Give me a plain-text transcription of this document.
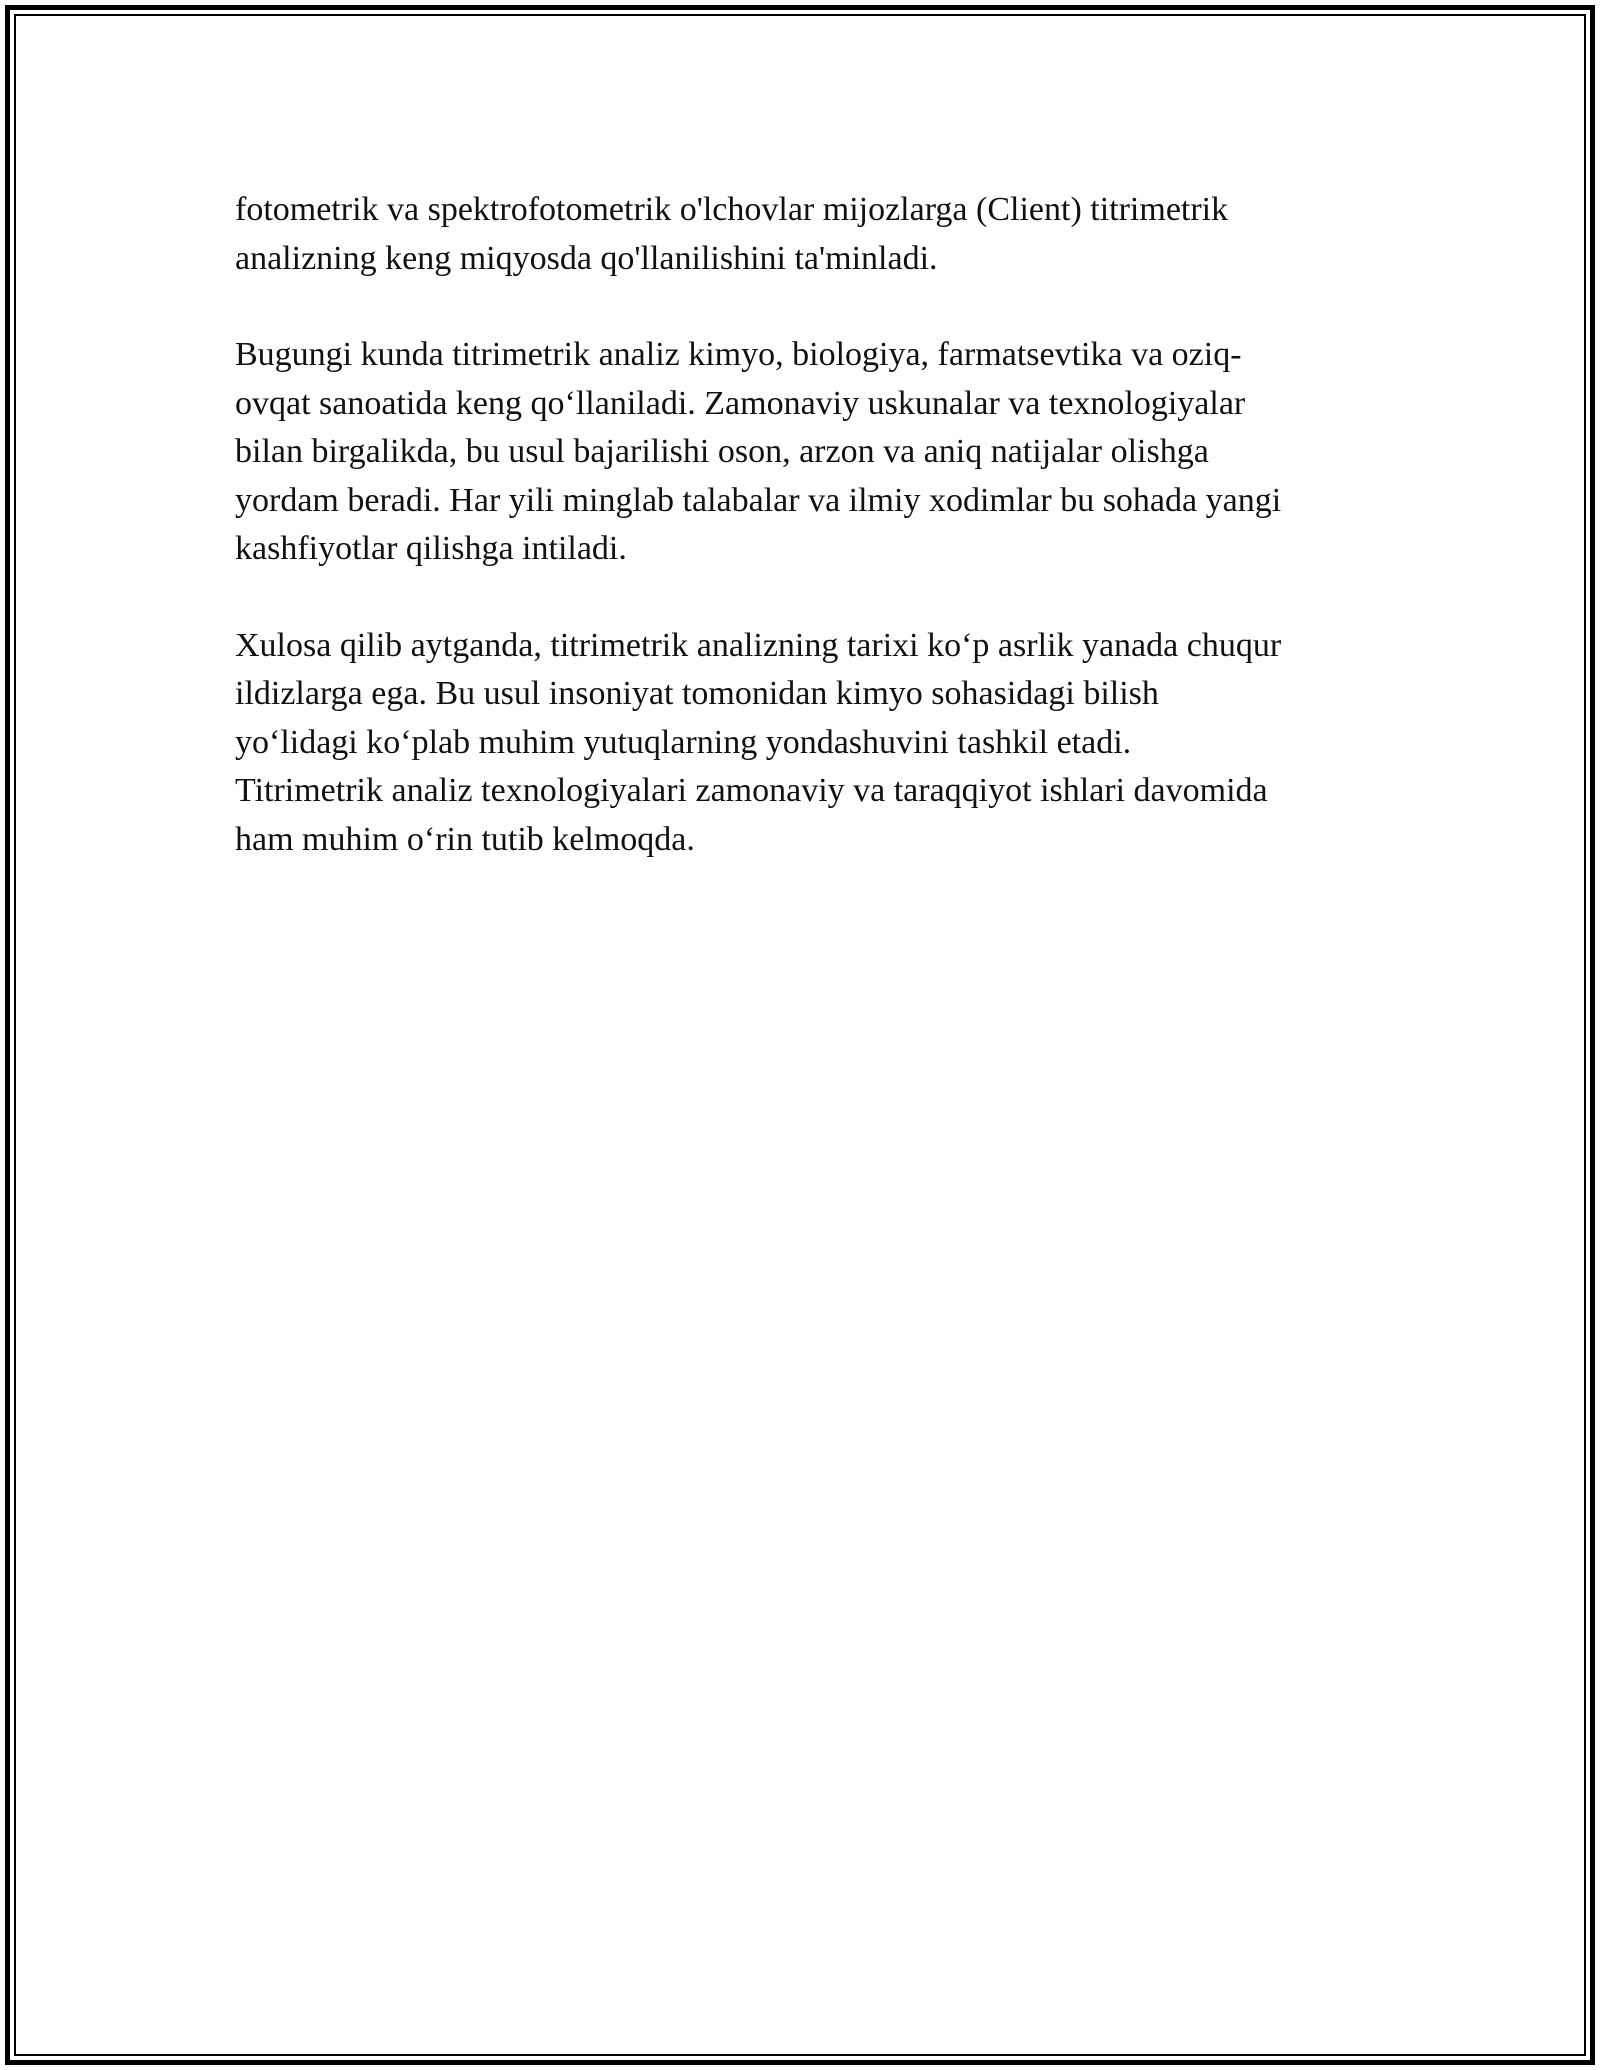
fotometrik va spektrofotometrik o'lchovlar mijozlarga (Client) titrimetrik
analizning keng miqyosda qo'llanilishini ta'minladi.

Bugungi kunda titrimetrik analiz kimyo, biologiya, farmatsevtika va oziq-
ovqat sanoatida keng qo‘llaniladi. Zamonaviy uskunalar va texnologiyalar
bilan birgalikda, bu usul bajarilishi oson, arzon va aniq natijalar olishga
yordam beradi. Har yili minglab talabalar va ilmiy xodimlar bu sohada yangi
kashfiyotlar qilishga intiladi.

Xulosa qilib aytganda, titrimetrik analizning tarixi ko‘p asrlik yanada chuqur
ildizlarga ega. Bu usul insoniyat tomonidan kimyo sohasidagi bilish
yo‘lidagi ko‘plab muhim yutuqlarning yondashuvini tashkil etadi.
Titrimetrik analiz texnologiyalari zamonaviy va taraqqiyot ishlari davomida
ham muhim o‘rin tutib kelmoqda.
